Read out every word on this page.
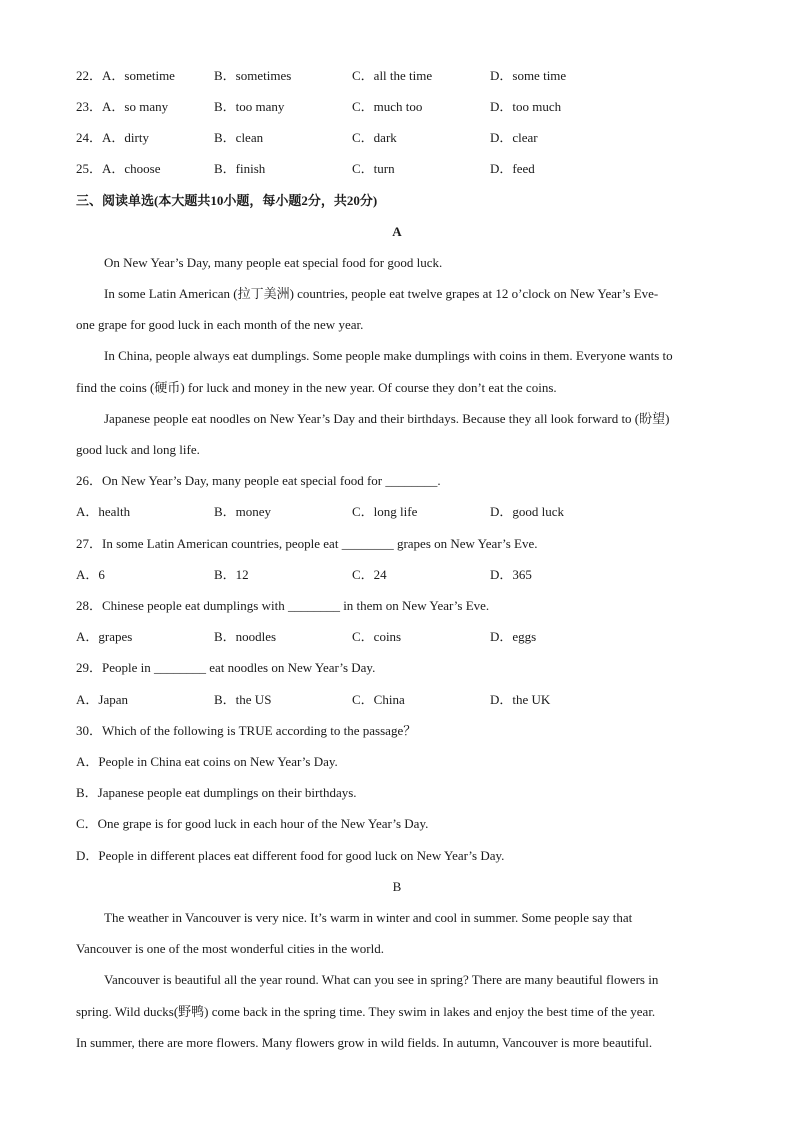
22．A．sometime	B．sometimes	C．all the time	D．some time
23．A．so many	B．too many	C．much too	D．too much
24．A．dirty	B．clean	C．dark	D．clear
25．A．choose	B．finish	C．turn	D．feed
三、阅读单选(本大题共10小题，每小题2分，共20分)
A
On New Year’s Day, many people eat special food for good luck.
In some Latin American (拉丁美洲) countries, people eat twelve grapes at 12 o’clock on New Year’s Eve-
one grape for good luck in each month of the new year.
In China, people always eat dumplings. Some people make dumplings with coins in them. Everyone wants to
find the coins (硬币) for luck and money in the new year. Of course they don’t eat the coins.
Japanese people eat noodles on New Year’s Day and their birthdays. Because they all look forward to (盼望)
good luck and long life.
26．On New Year’s Day, many people eat special food for ________.
A．health	B．money	C．long life	D．good luck
27．In some Latin American countries, people eat ________ grapes on New Year’s Eve.
A．6	B．12	C．24	D．365
28．Chinese people eat dumplings with ________ in them on New Year’s Eve.
A．grapes	B．noodles	C．coins	D．eggs
29．People in ________ eat noodles on New Year’s Day.
A．Japan	B．the US	C．China	D．the UK
30．Which of the following is TRUE according to the passage？
A．People in China eat coins on New Year’s Day.
B．Japanese people eat dumplings on their birthdays.
C．One grape is for good luck in each hour of the New Year’s Day.
D．People in different places eat different food for good luck on New Year’s Day.
B
The weather in Vancouver is very nice. It’s warm in winter and cool in summer. Some people say that
Vancouver is one of the most wonderful cities in the world.
Vancouver is beautiful all the year round. What can you see in spring? There are many beautiful flowers in
spring. Wild ducks(野鸭) come back in the spring time. They swim in lakes and enjoy the best time of the year.
In summer, there are more flowers. Many flowers grow in wild fields. In autumn, Vancouver is more beautiful.
